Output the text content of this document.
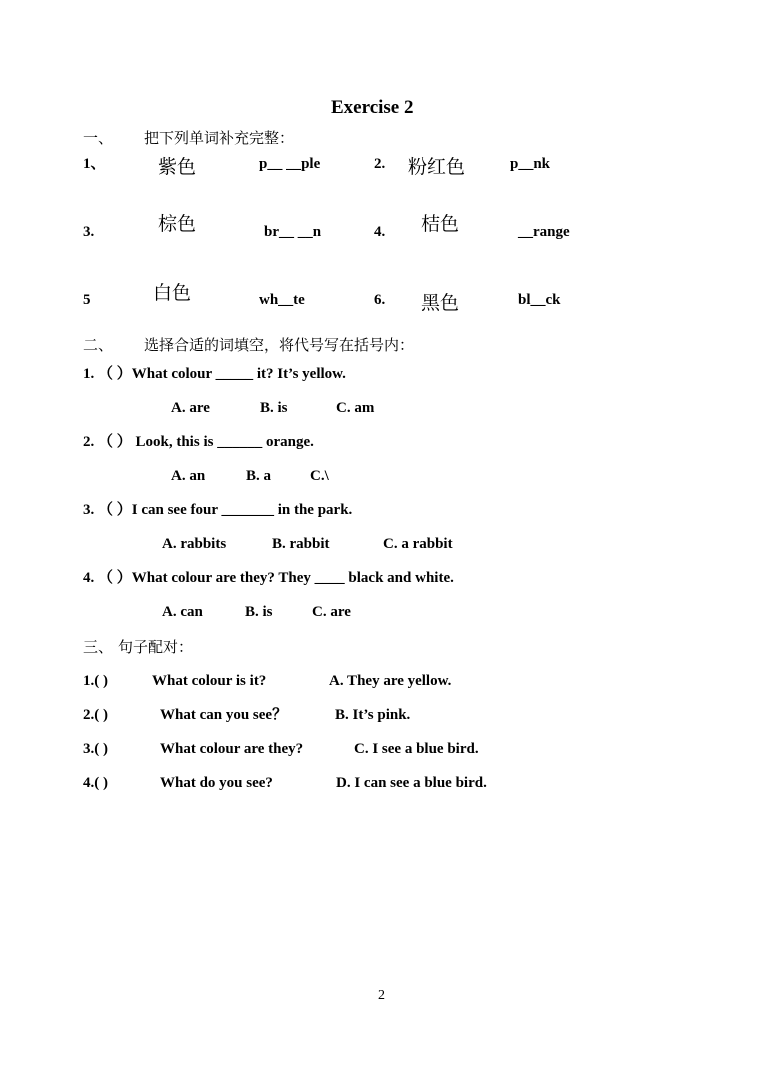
Exercise 2
一、 把下列单词补充完整：
1、	紫色	p__ __ple	2. 粉红色	p__nk
3.	棕色	br__ __n	4. 桔色	__range
5	白色	wh__te	6. 黑色	bl__ck
二、 选择合适的词填空，将代号写在括号内：
1. （ ）What colour _____ it? It’s yellow.
A. are	B. is	C. am
2. （ ） Look, this is ______ orange.
A. an	B. a	C.\
3. （ ）I can see four _______ in the park.
A. rabbits	B. rabbit	C. a rabbit
4. （ ）What colour are they? They ____ black and white.
A. can	B. is	C. are
三、 句子配对：
1.( )	What colour is it?	A. They are yellow.
2.( )	What can you see？	B. It’s pink.
3.( )	What colour are they?	C. I see a blue bird.
4.( )	What do you see?	D. I can see a blue bird.
2
